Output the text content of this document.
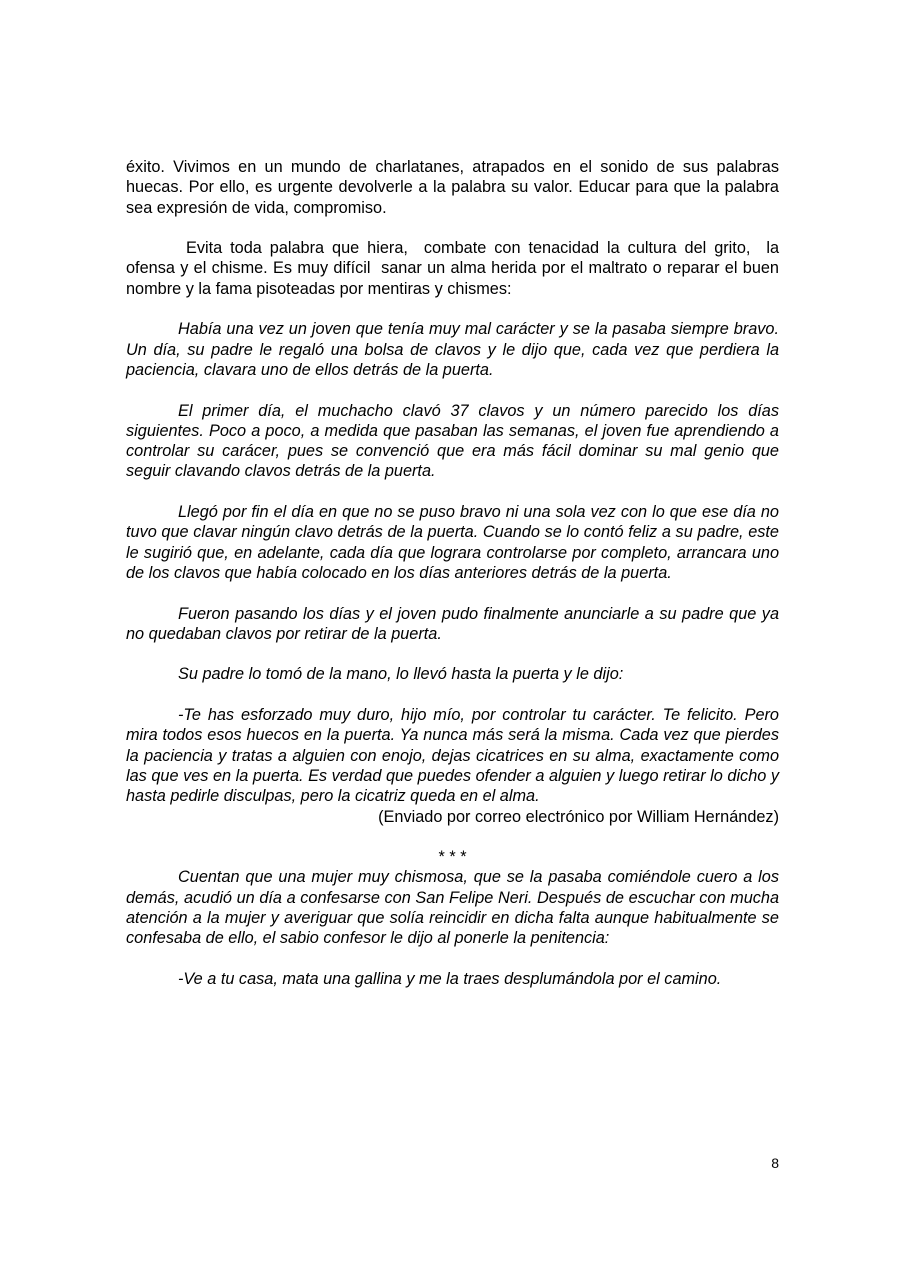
éxito. Vivimos en un mundo de charlatanes, atrapados en el sonido de sus palabras huecas. Por ello, es urgente devolverle a la palabra su valor. Educar para que la palabra sea expresión de vida, compromiso.

Evita toda palabra que hiera,  combate con tenacidad la cultura del grito,  la ofensa y el chisme. Es muy difícil  sanar un alma herida por el maltrato o reparar el buen nombre y la fama pisoteadas por mentiras y chismes:

Había una vez un joven que tenía muy mal carácter y se la pasaba siempre bravo. Un día, su padre le regaló una bolsa de clavos y le dijo que, cada vez que perdiera la paciencia, clavara uno de ellos detrás de la puerta.

El primer día, el muchacho clavó 37 clavos y un número parecido los días siguientes. Poco a poco, a medida que pasaban las semanas, el joven fue aprendiendo a controlar su carácer, pues se convenció que era más fácil dominar su mal genio que seguir clavando clavos detrás de la puerta.

Llegó por fin el día en que no se puso bravo ni una sola vez con lo que ese día no tuvo que clavar ningún clavo detrás de la puerta. Cuando se lo contó feliz a su padre, este le sugirió que, en adelante, cada día que lograra controlarse por completo, arrancara uno de los clavos que había colocado en los días anteriores detrás de la puerta.

Fueron pasando los días y el joven pudo finalmente anunciarle a su padre que ya no quedaban clavos por retirar de la puerta.

Su padre lo tomó de la mano, lo llevó hasta la puerta y le dijo:

-Te has esforzado muy duro, hijo mío, por controlar tu carácter. Te felicito. Pero mira todos esos huecos en la puerta. Ya nunca más será la misma. Cada vez que pierdes la paciencia y tratas a alguien con enojo, dejas cicatrices en su alma, exactamente como las que ves en la puerta. Es verdad que puedes ofender a alguien y luego retirar lo dicho y hasta pedirle disculpas, pero la cicatriz queda en el alma.

(Enviado por correo electrónico por William Hernández)

* * *

Cuentan que una mujer muy chismosa, que se la pasaba comiéndole cuero a los demás, acudió un día a confesarse con San Felipe Neri. Después de escuchar con mucha atención a la mujer y averiguar que solía reincidir en dicha falta aunque habitualmente se confesaba de ello, el sabio confesor le dijo al ponerle la penitencia:

-Ve a tu casa, mata una gallina y me la traes desplumándola por el camino.

8
